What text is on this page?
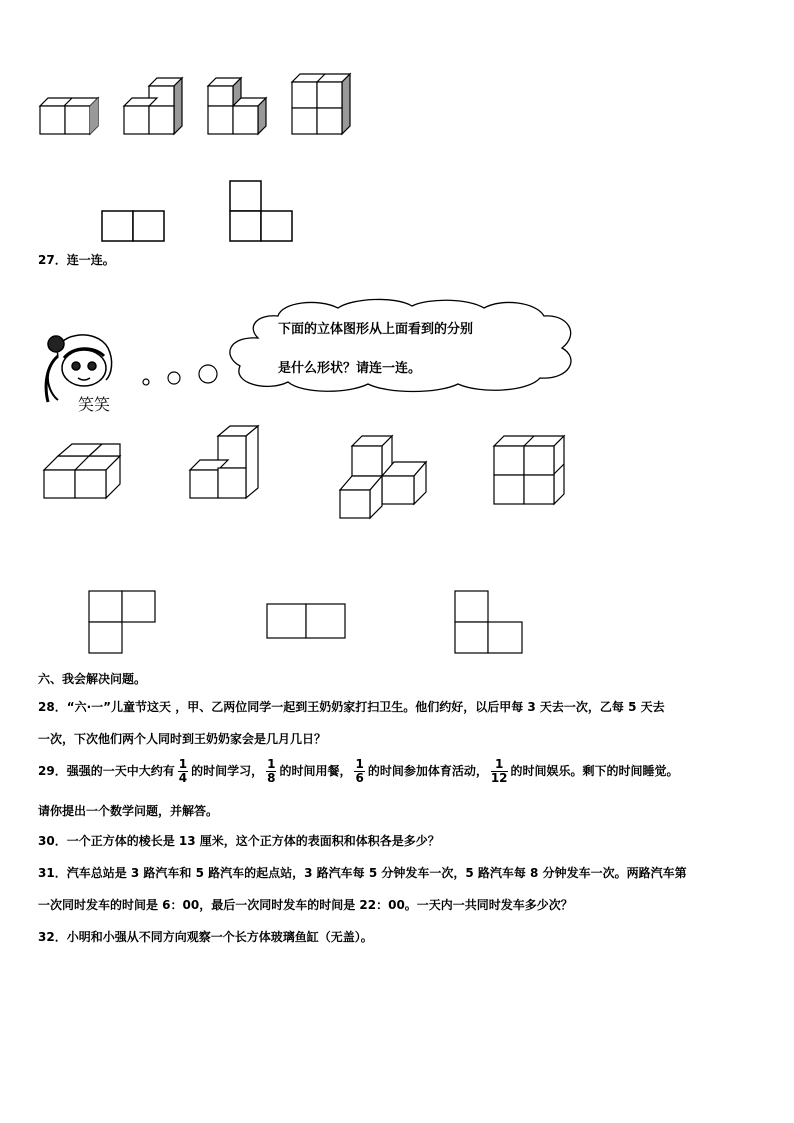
27．连一连。
笑笑
下面的立体图形从上面看到的分别
是什么形状？请连一连。
六、我会解决问题。
28．“六·一”儿童节这天 ，甲、乙两位同学一起到王奶奶家打扫卫生。他们约好，以后甲每 3 天去一次，乙每 5 天去
一次，下次他们两个人同时到王奶奶家会是几月几日？
29．强强的一天中大约有 $\frac{1}{4}$ 的时间学习， $\frac{1}{8}$ 的时间用餐， $\frac{1}{6}$ 的时间参加体育活动， $\frac{1}{12}$ 的时间娱乐。剩下的时间睡觉。
请你提出一个数学问题，并解答。
30．一个正方体的棱长是 13 厘米，这个正方体的表面积和体积各是多少？
31．汽车总站是 3 路汽车和 5 路汽车的起点站，3 路汽车每 5 分钟发车一次，5 路汽车每 8 分钟发车一次。两路汽车第
一次同时发车的时间是 6：00，最后一次同时发车的时间是 22：00。一天内一共同时发车多少次？
32．小明和小强从不同方向观察一个长方体玻璃鱼缸（无盖）。
